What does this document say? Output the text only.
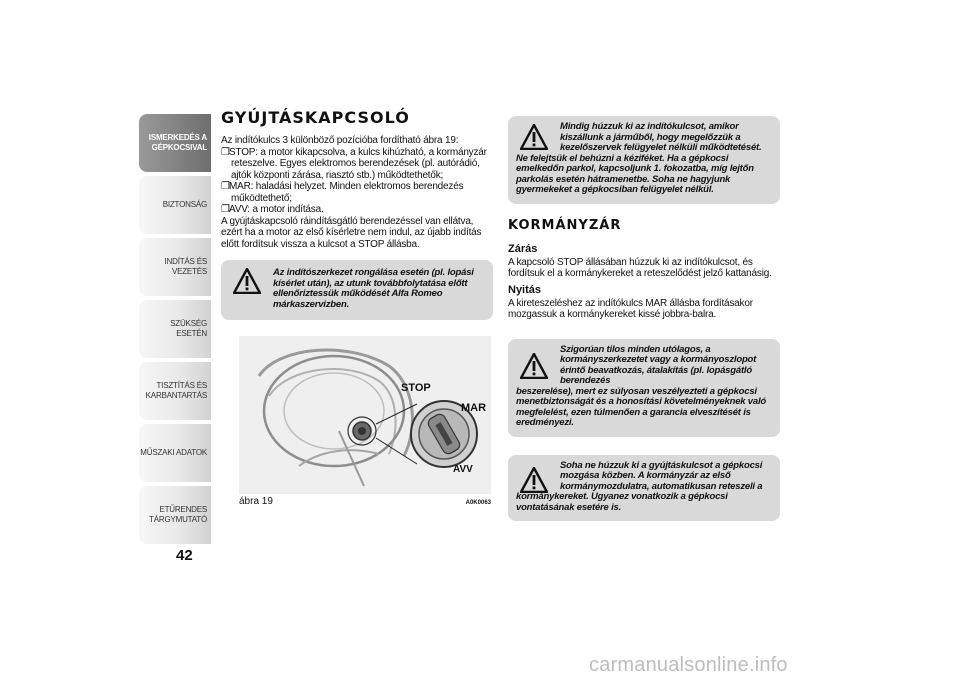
ISMERKEDÉS A GÉPKOCSIVAL
BIZTONSÁG
INDÍTÁS ÉS VEZETÉS
SZÜKSÉG ESETÉN
TISZTÍTÁS ÉS KARBANTARTÁS
MŰSZAKI ADATOK
ETŰRENDES TÁRGYMUTATÓ
42
GYÚJTÁSKAPCSOLÓ

Az indítókulcs 3 különböző pozícióba fordítható ábra 19:

❐STOP: a motor kikapcsolva, a kulcs kihúzható, a kormányzár reteszelve. Egyes elektromos berendezések (pl. autórádió, ajtók központi zárása, riasztó stb.) működtethetők;
❐MAR: haladási helyzet. Minden elektromos berendezés működtethető;
❐AVV: a motor indítása.

A gyújtáskapcsoló ráindításgátló berendezéssel van ellátva, ezért ha a motor az első kísérletre nem indul, az újabb indítás előtt fordítsuk vissza a kulcsot a STOP állásba.

Az indítószerkezet rongálása esetén (pl. lopási kísérlet után), az utunk továbbfolytatása előtt ellenőriztessük működését Alfa Romeo márkaszervizben.

STOP
MAR
AVV
ábra 19	A0K0063

Mindig húzzuk ki az indítókulcsot, amikor kiszállunk a járműből, hogy megelőzzük a kezelőszervek felügyelet nélküli működtetését.

Ne felejtsük el behúzni a kéziféket. Ha a gépkocsi emelkedőn parkol, kapcsoljunk 1. fokozatba, míg lejtőn parkolás esetén hátramenetbe. Soha ne hagyjunk gyermekeket a gépkocsiban felügyelet nélkül.

KORMÁNYZÁR
Zárás

A kapcsoló STOP állásában húzzuk ki az indítókulcsot, és fordítsuk el a kormánykereket a reteszelődést jelző kattanásig.

Nyitás

A kireteszeléshez az indítókulcs MAR állásba fordításakor mozgassuk a kormánykereket kissé jobbra-balra.

Szigorúan tilos minden utólagos, a kormányszerkezetet vagy a kormányoszlopot érintő beavatkozás, átalakítás (pl. lopásgátló berendezés

beszerelése), mert ez súlyosan veszélyezteti a gépkocsi menetbiztonságát és a honosítási követelményeknek való megfelelést, ezen túlmenően a garancia elveszítését is eredményezi.

Soha ne húzzuk ki a gyújtáskulcsot a gépkocsi mozgása közben. A kormányzár az első kormánymozdulatra, automatikusan reteszeli a

kormánykereket. Ugyanez vonatkozik a gépkocsi vontatásának esetére is.

carmanualsonline.info
